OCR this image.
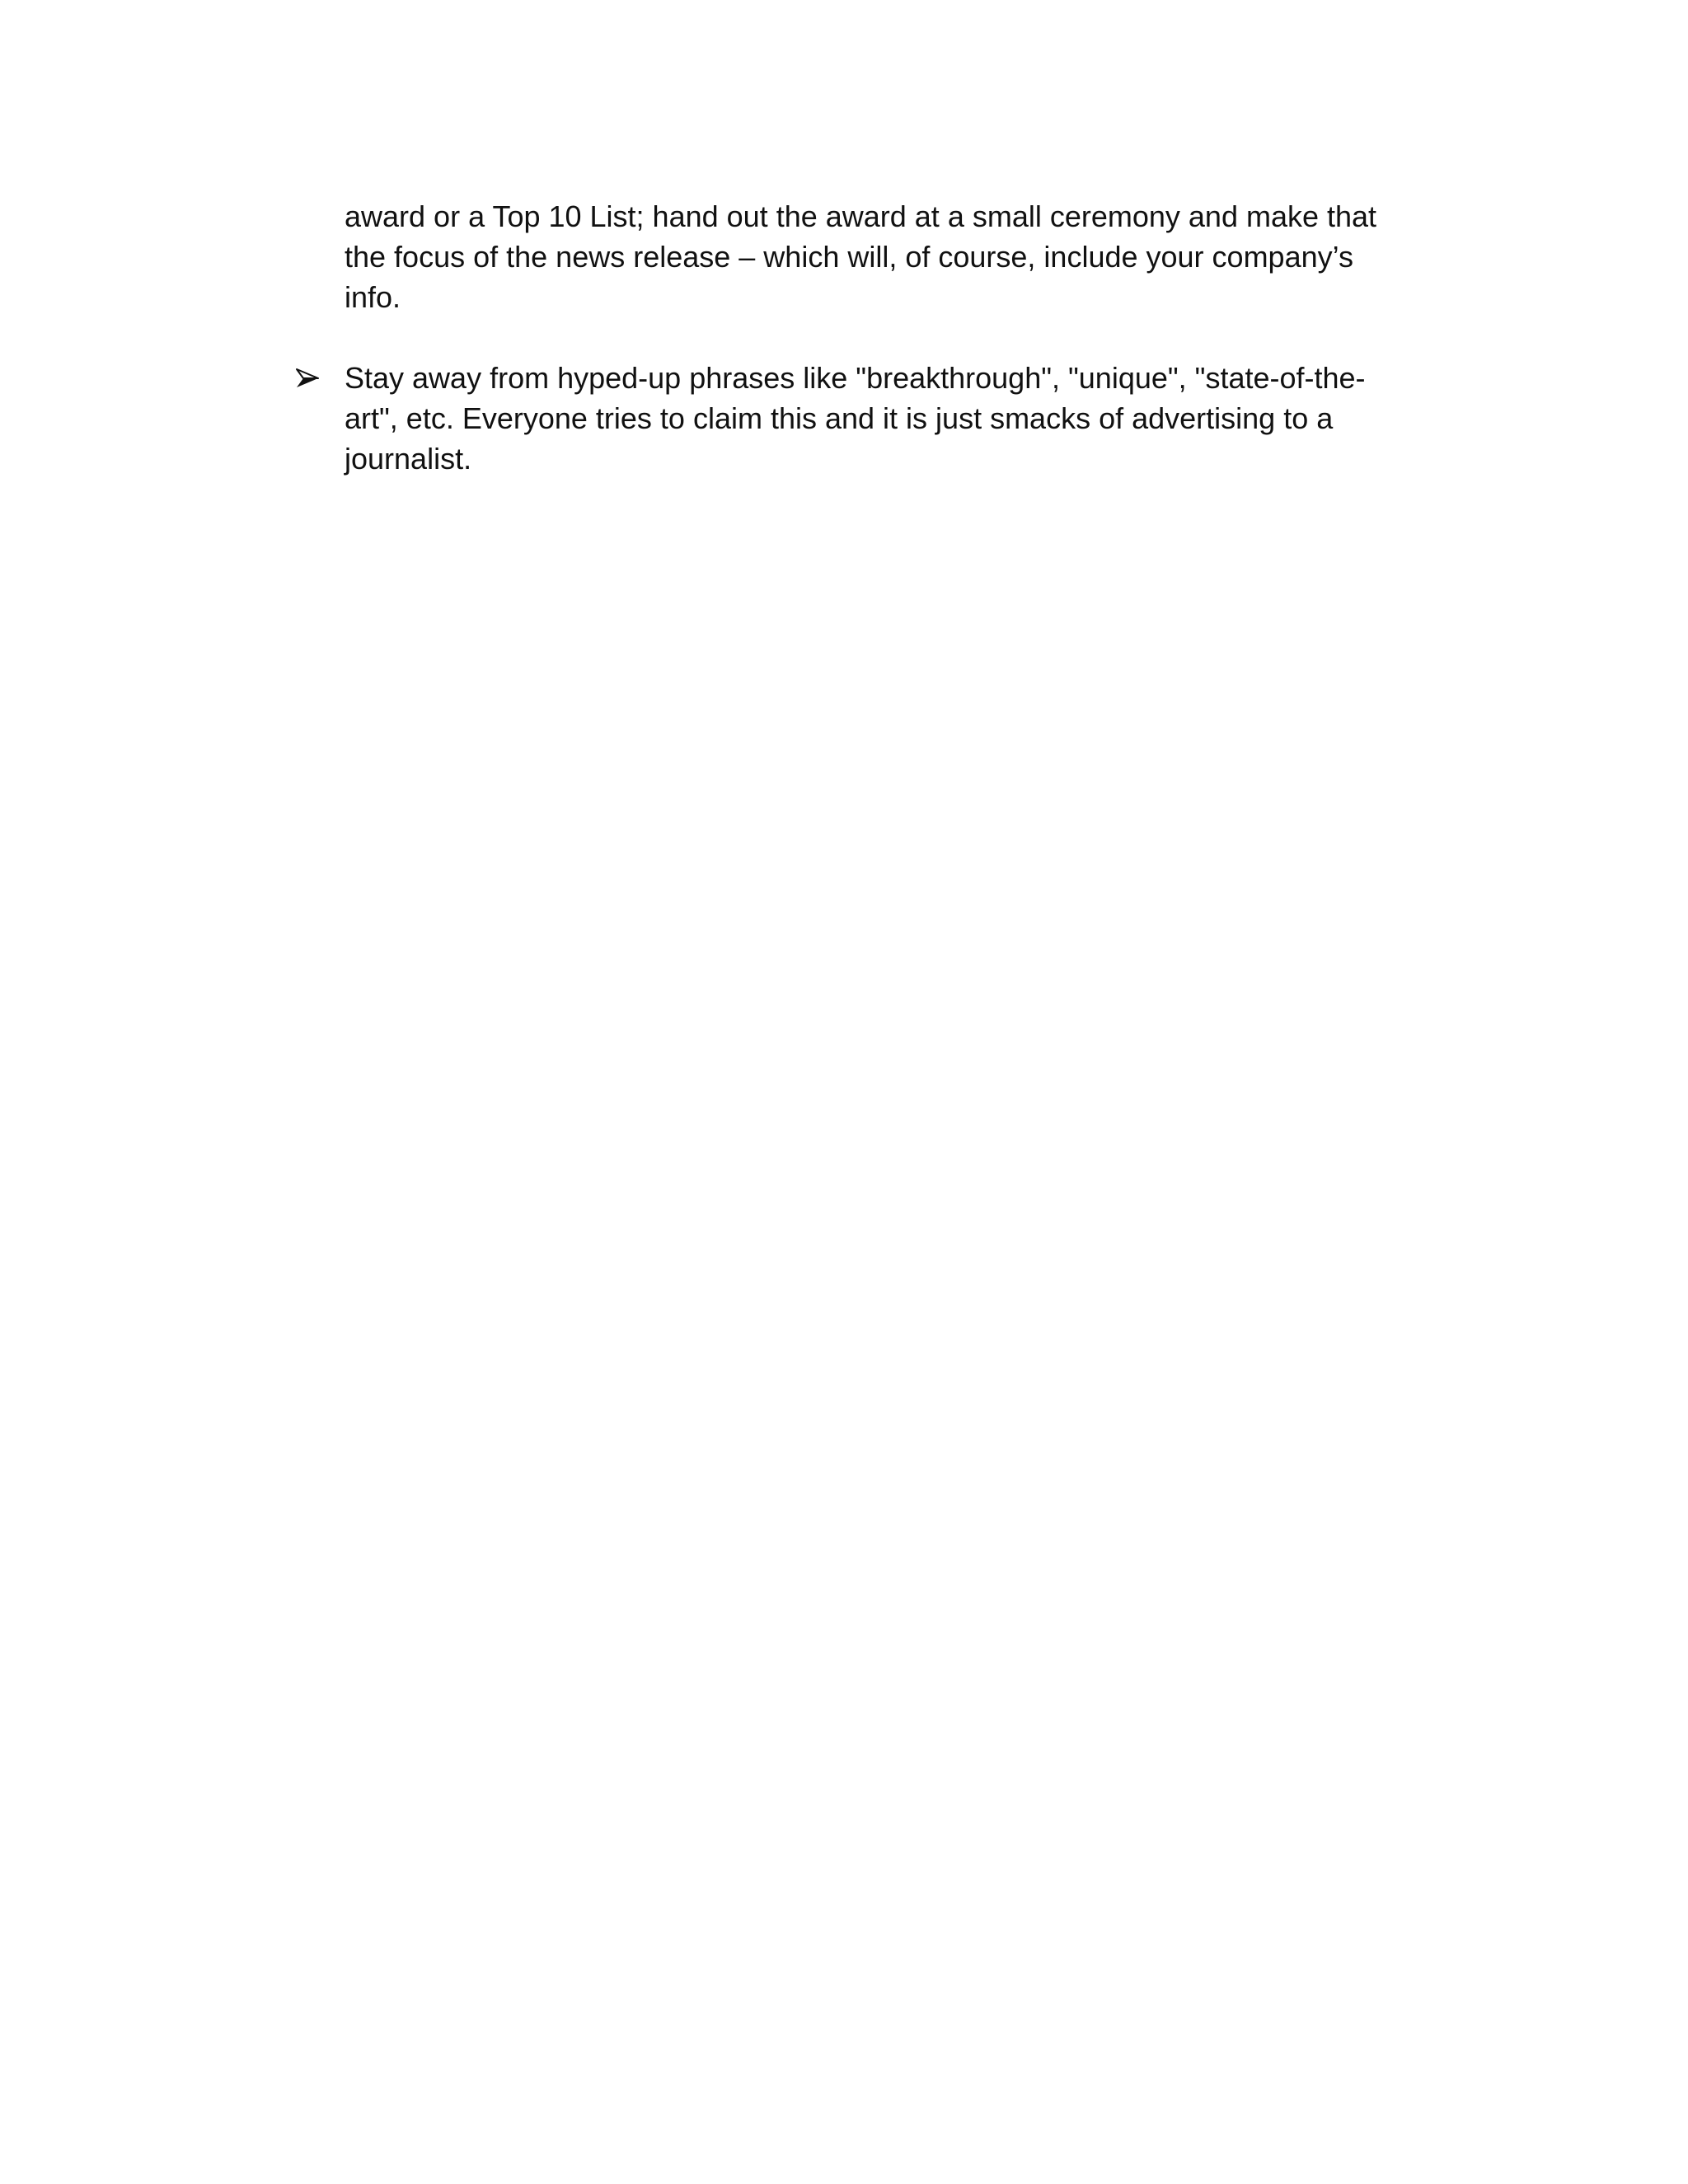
award or a Top 10 List; hand out the award at a small ceremony and make that
the focus of the news release – which will, of course, include your company’s
info.

Stay away from hyped-up phrases like "breakthrough", "unique", "state-of-the-
art", etc. Everyone tries to claim this and it is just smacks of advertising to a
journalist.
